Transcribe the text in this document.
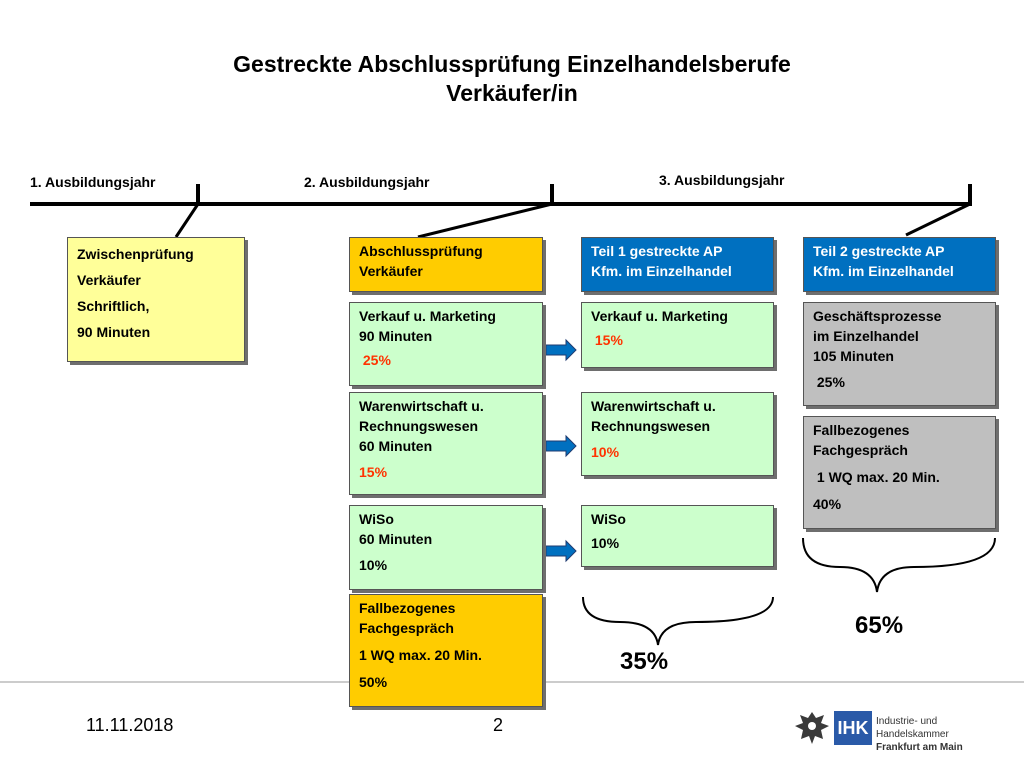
Gestreckte Abschlussprüfung Einzelhandelsberufe
Verkäufer/in
1. Ausbildungsjahr	2. Ausbildungsjahr	3. Ausbildungsjahr

Zwischenprüfung

Verkäufer

Schriftlich,

90 Minuten

Abschlussprüfung

Verkäufer

Verkauf u. Marketing

90 Minuten

25%

Warenwirtschaft u.

Rechnungswesen

60 Minuten

15%

WiSo

60 Minuten

10%

Fallbezogenes

Fachgespräch

1 WQ max. 20 Min.

50%

Teil 1 gestreckte AP

Kfm. im Einzelhandel

Verkauf u. Marketing

15%

Warenwirtschaft u.

Rechnungswesen

10%

WiSo

10%

35%

Teil 2 gestreckte AP

Kfm. im Einzelhandel

Geschäftsprozesse

im Einzelhandel

105 Minuten

25%

Fallbezogenes

Fachgespräch

1 WQ max. 20 Min.

40%

65%
11.11.2018	2	IHK Industrie- und Handelskammer
Frankfurt am Main
